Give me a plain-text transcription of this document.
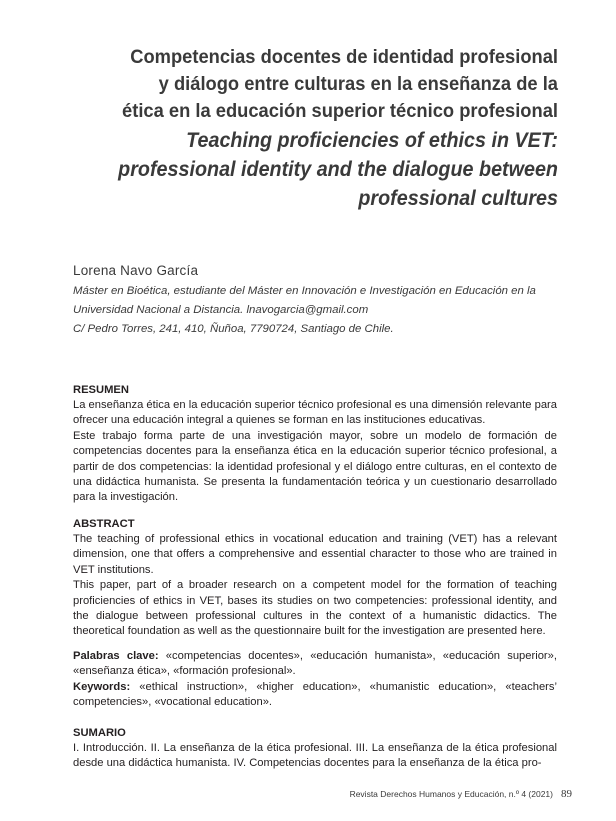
Competencias docentes de identidad profesional y diálogo entre culturas en la enseñanza de la ética en la educación superior técnico profesional
Teaching proficiencies of ethics in VET: professional identity and the dialogue between professional cultures
Lorena Navo García
Máster en Bioética, estudiante del Máster en Innovación e Investigación en Educación en la Universidad Nacional a Distancia. lnavogarcia@gmail.com
C/ Pedro Torres, 241, 410, Ñuñoa, 7790724, Santiago de Chile.

RESUMEN

La enseñanza ética en la educación superior técnico profesional es una dimensión relevante para ofrecer una educación integral a quienes se forman en las instituciones educativas.

Este trabajo forma parte de una investigación mayor, sobre un modelo de formación de competencias docentes para la enseñanza ética en la educación superior técnico profesional, a partir de dos competencias: la identidad profesional y el diálogo entre culturas, en el contexto de una didáctica humanista. Se presenta la fundamentación teórica y un cuestionario desarrollado para la investigación.

ABSTRACT

The teaching of professional ethics in vocational education and training (VET) has a relevant dimension, one that offers a comprehensive and essential character to those who are trained in VET institutions.

This paper, part of a broader research on a competent model for the formation of teaching proficiencies of ethics in VET, bases its studies on two competencies: professional identity, and the dialogue between professional cultures in the context of a humanistic didactics. The theoretical foundation as well as the questionnaire built for the investigation are presented here.

Palabras clave: «competencias docentes», «educación humanista», «educación superior», «enseñanza ética», «formación profesional».

Keywords: «ethical instruction», «higher education», «humanistic education», «teachers’ competencies», «vocational education».

SUMARIO

I. Introducción. II. La enseñanza de la ética profesional. III. La enseñanza de la ética profesional desde una didáctica humanista. IV. Competencias docentes para la enseñanza de la ética pro-

Revista Derechos Humanos y Educación, n.º 4 (2021) 89
